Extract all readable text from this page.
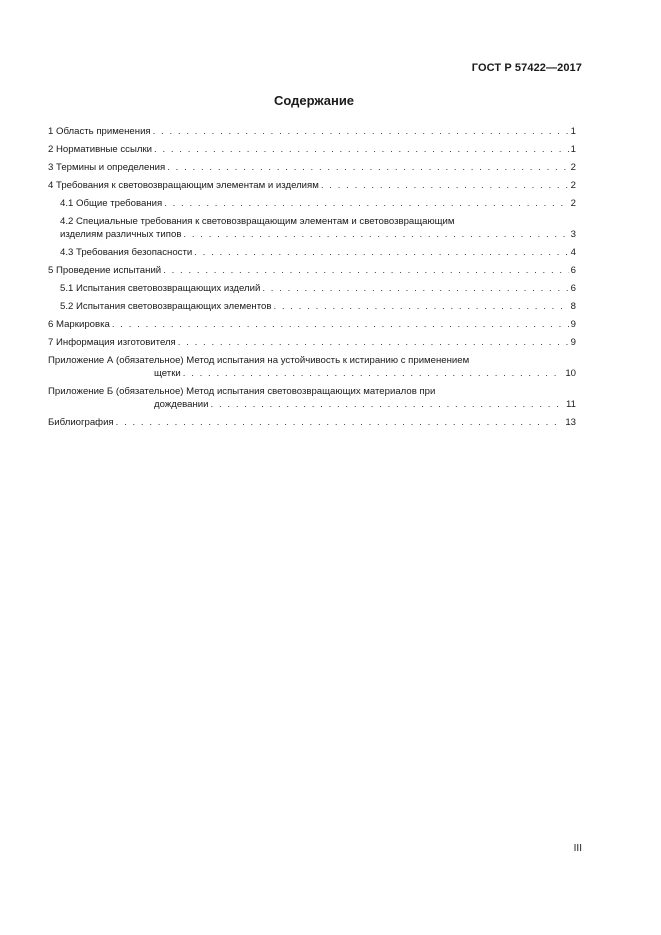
ГОСТ Р 57422—2017
Содержание
1 Область применения . . .	1
2 Нормативные ссылки . . .	1
3 Термины и определения . . .	2
4 Требования к световозвращающим элементам и изделиям . . .	2
4.1 Общие требования . . .	2
4.2 Специальные требования к световозвращающим элементам и световозвращающим
изделиям различных типов . . .	3
4.3 Требования безопасности . . .	4
5 Проведение испытаний . . .	6
5.1 Испытания световозвращающих изделий . . .	6
5.2 Испытания световозвращающих элементов . . .	8
6 Маркировка . . .	9
7 Информация изготовителя . . .	9
Приложение А (обязательное) Метод испытания на устойчивость к истиранию с применением
щетки . . .	10
Приложение Б (обязательное) Метод испытания световозвращающих материалов при
дождевании . . .	11
Библиография . . .	13
III
